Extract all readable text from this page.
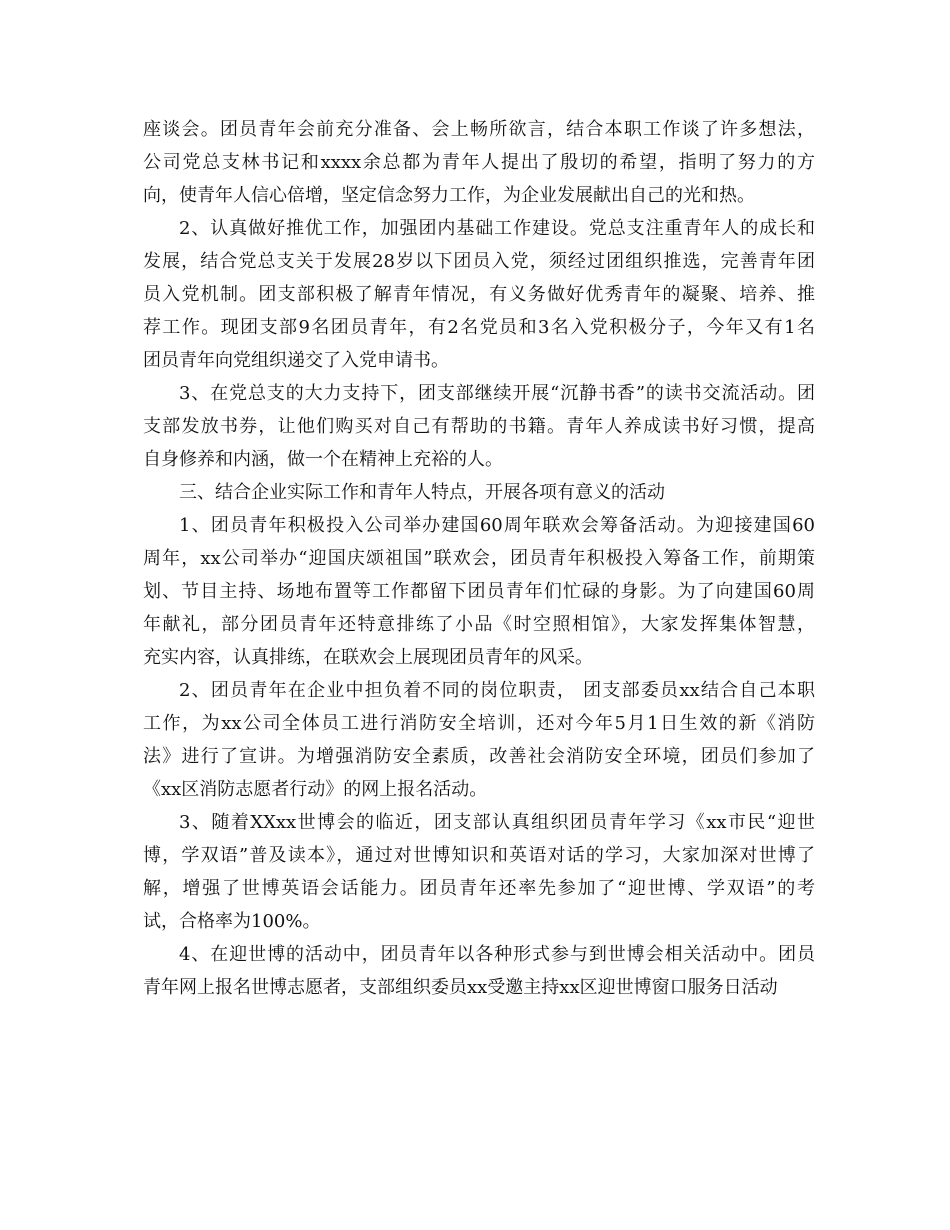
座谈会。团员青年会前充分准备、会上畅所欲言，结合本职工作谈了许多想法，
公司党总支林书记和xxxx余总都为青年人提出了殷切的希望，指明了努力的方
向，使青年人信心倍增，坚定信念努力工作，为企业发展献出自己的光和热。
2、认真做好推优工作，加强团内基础工作建设。党总支注重青年人的成长和
发展，结合党总支关于发展28岁以下团员入党，须经过团组织推选，完善青年团
员入党机制。团支部积极了解青年情况，有义务做好优秀青年的凝聚、培养、推
荐工作。现团支部9名团员青年，有2名党员和3名入党积极分子，今年又有1名
团员青年向党组织递交了入党申请书。
3、在党总支的大力支持下，团支部继续开展“沉静书香”的读书交流活动。团
支部发放书券，让他们购买对自己有帮助的书籍。青年人养成读书好习惯，提高
自身修养和内涵，做一个在精神上充裕的人。
三、结合企业实际工作和青年人特点，开展各项有意义的活动
1、团员青年积极投入公司举办建国60周年联欢会筹备活动。为迎接建国60
周年，xx公司举办“迎国庆颂祖国”联欢会，团员青年积极投入筹备工作，前期策
划、节目主持、场地布置等工作都留下团员青年们忙碌的身影。为了向建国60周
年献礼，部分团员青年还特意排练了小品《时空照相馆》，大家发挥集体智慧，
充实内容，认真排练，在联欢会上展现团员青年的风采。
2、团员青年在企业中担负着不同的岗位职责， 团支部委员xx结合自己本职
工作，为xx公司全体员工进行消防安全培训，还对今年5月1日生效的新《消防
法》进行了宣讲。为增强消防安全素质，改善社会消防安全环境，团员们参加了
《xx区消防志愿者行动》的网上报名活动。
3、随着XXxx世博会的临近，团支部认真组织团员青年学习《xx市民“迎世
博，学双语”普及读本》，通过对世博知识和英语对话的学习，大家加深对世博了
解，增强了世博英语会话能力。团员青年还率先参加了“迎世博、学双语”的考
试，合格率为100%。
4、在迎世博的活动中，团员青年以各种形式参与到世博会相关活动中。团员
青年网上报名世博志愿者，支部组织委员xx受邀主持xx区迎世博窗口服务日活动
